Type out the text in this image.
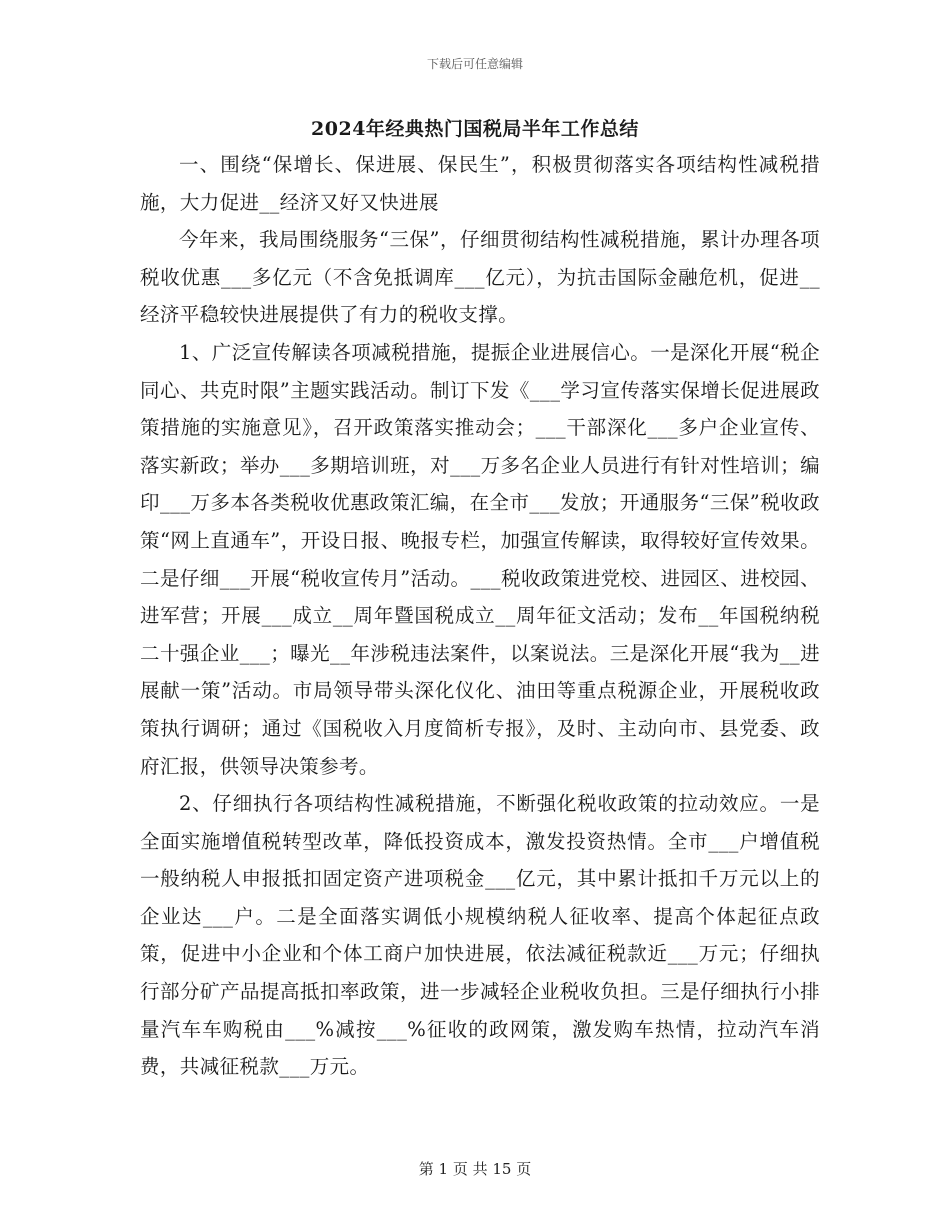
下载后可任意编辑
2024年经典热门国税局半年工作总结

一、围绕“保增长、保进展、保民生”，积极贯彻落实各项结构性减税措施，大力促进__经济又好又快进展

今年来，我局围绕服务“三保”，仔细贯彻结构性减税措施，累计办理各项税收优惠___多亿元（不含免抵调库___亿元），为抗击国际金融危机，促进__经济平稳较快进展提供了有力的税收支撑。

1、广泛宣传解读各项减税措施，提振企业进展信心。一是深化开展“税企同心、共克时限”主题实践活动。制订下发《___学习宣传落实保增长促进展政策措施的实施意见》，召开政策落实推动会；___干部深化___多户企业宣传、落实新政；举办___多期培训班，对___万多名企业人员进行有针对性培训；编印___万多本各类税收优惠政策汇编，在全市___发放；开通服务“三保”税收政策“网上直通车”，开设日报、晚报专栏，加强宣传解读，取得较好宣传效果。二是仔细___开展“税收宣传月”活动。___税收政策进党校、进园区、进校园、进军营；开展___成立__周年暨国税成立__周年征文活动；发布__年国税纳税二十强企业___；曝光__年涉税违法案件，以案说法。三是深化开展“我为__进展献一策”活动。市局领导带头深化仪化、油田等重点税源企业，开展税收政策执行调研；通过《国税收入月度简析专报》，及时、主动向市、县党委、政府汇报，供领导决策参考。

2、仔细执行各项结构性减税措施，不断强化税收政策的拉动效应。一是全面实施增值税转型改革，降低投资成本，激发投资热情。全市___户增值税一般纳税人申报抵扣固定资产进项税金___亿元，其中累计抵扣千万元以上的企业达___户。二是全面落实调低小规模纳税人征收率、提高个体起征点政策，促进中小企业和个体工商户加快进展，依法减征税款近___万元；仔细执行部分矿产品提高抵扣率政策，进一步减轻企业税收负担。三是仔细执行小排量汽车车购税由___%减按___%征收的政网策，激发购车热情，拉动汽车消费，共减征税款___万元。

第 1 页 共 15 页
